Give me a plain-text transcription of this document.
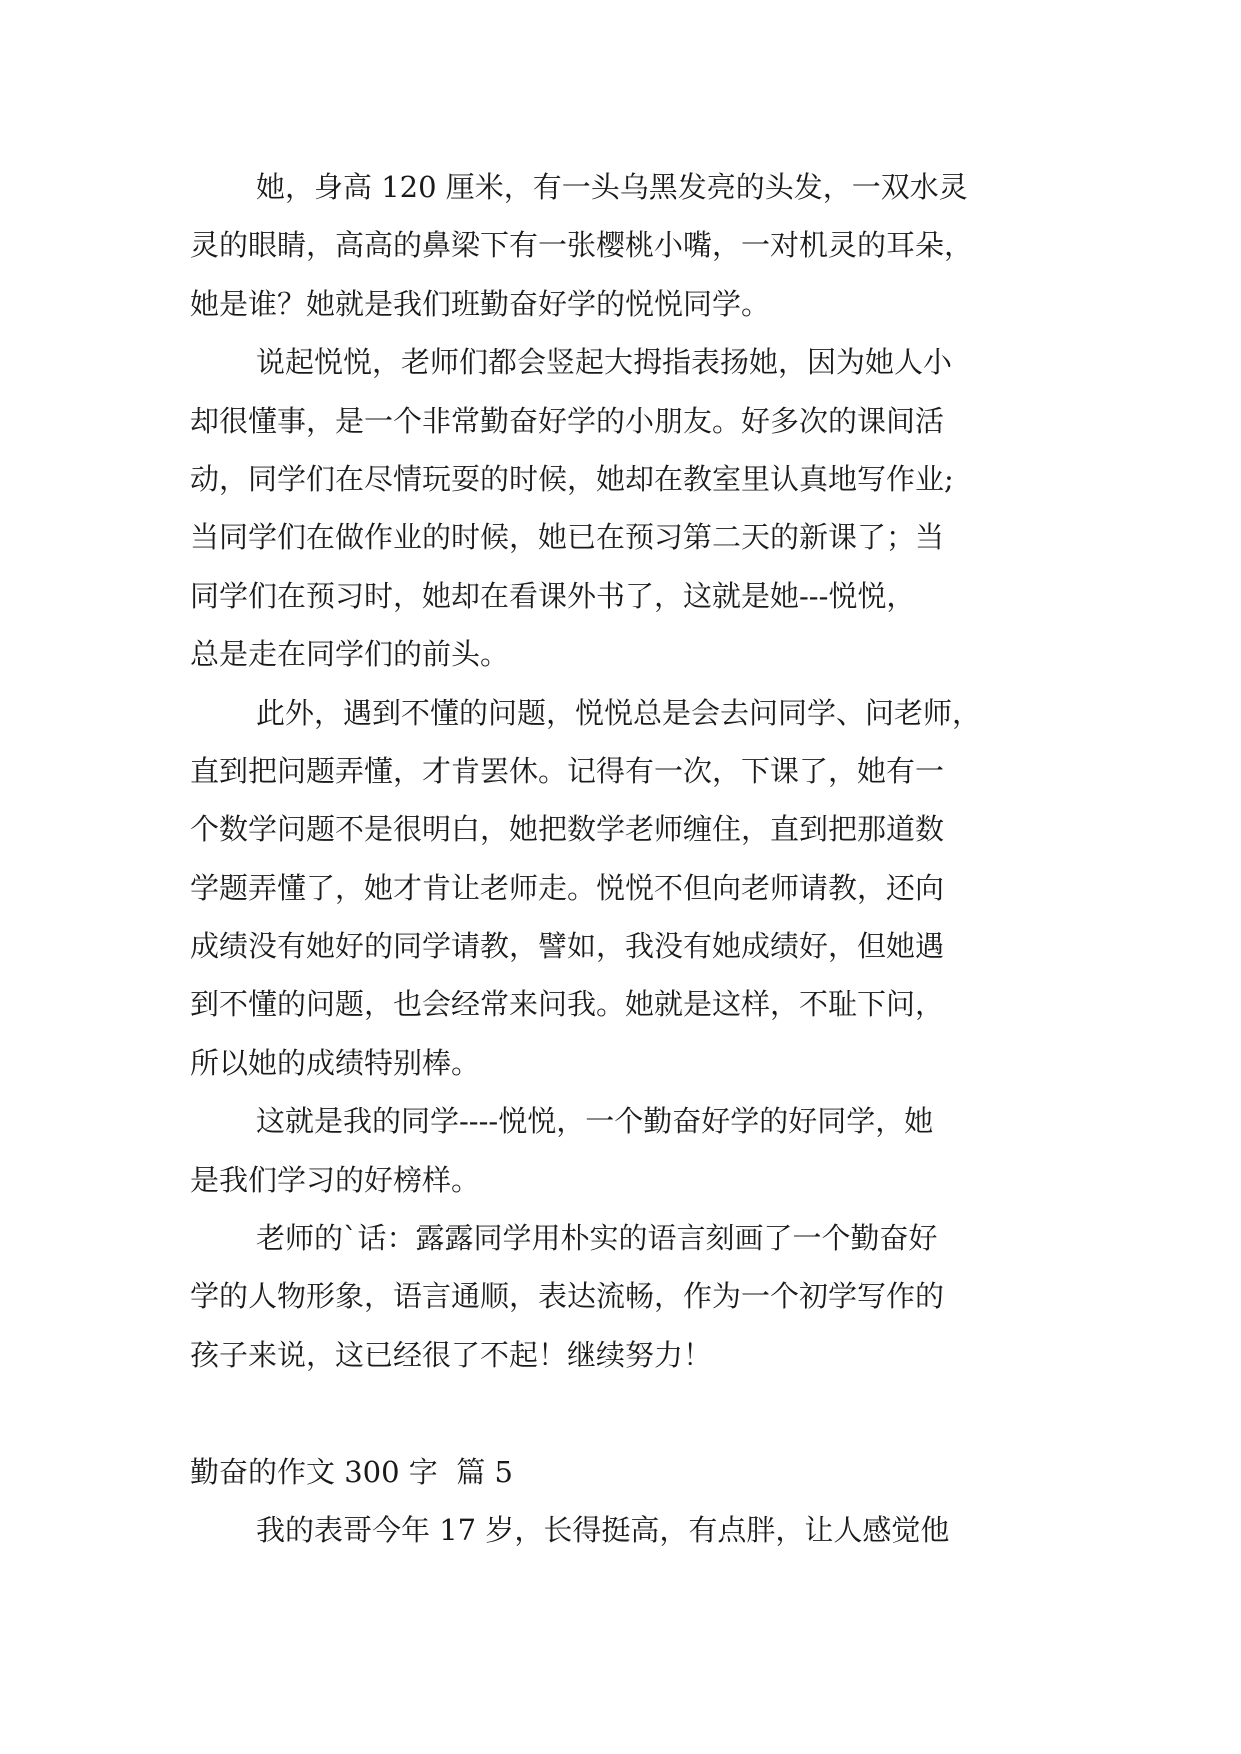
她，身高 120 厘米，有一头乌黑发亮的头发，一双水灵
灵的眼睛，高高的鼻梁下有一张樱桃小嘴，一对机灵的耳朵，
她是谁？她就是我们班勤奋好学的悦悦同学。
说起悦悦，老师们都会竖起大拇指表扬她，因为她人小
却很懂事，是一个非常勤奋好学的小朋友。好多次的课间活
动，同学们在尽情玩耍的时候，她却在教室里认真地写作业;
当同学们在做作业的时候，她已在预习第二天的新课了；当
同学们在预习时，她却在看课外书了，这就是她---悦悦，
总是走在同学们的前头。
此外，遇到不懂的问题，悦悦总是会去问同学、问老师，
直到把问题弄懂，才肯罢休。记得有一次，下课了，她有一
个数学问题不是很明白，她把数学老师缠住，直到把那道数
学题弄懂了，她才肯让老师走。悦悦不但向老师请教，还向
成绩没有她好的同学请教，譬如，我没有她成绩好，但她遇
到不懂的问题，也会经常来问我。她就是这样，不耻下问，
所以她的成绩特别棒。
这就是我的同学----悦悦，一个勤奋好学的好同学，她
是我们学习的好榜样。
老师的`话：露露同学用朴实的语言刻画了一个勤奋好
学的人物形象，语言通顺，表达流畅，作为一个初学写作的
孩子来说，这已经很了不起！继续努力！
勤奋的作文 300 字  篇 5
我的表哥今年 17 岁，长得挺高，有点胖，让人感觉他
